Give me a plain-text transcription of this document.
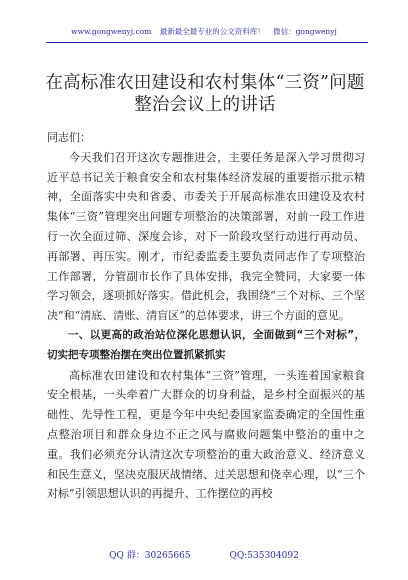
www.gongwenyj.com 最新最全最专业的公文资料库！ 微信：gongwenyj
在高标准农田建设和农村集体“三资”问题整治会议上的讲话

同志们：

今天我们召开这次专题推进会，主要任务是深入学习贯彻习近平总书记关于粮食安全和农村集体经济发展的重要指示批示精神，全面落实中央和省委、市委关于开展高标准农田建设及农村集体“三资”管理突出问题专项整治的决策部署，对前一段工作进行一次全面过筛、深度会诊，对下一阶段攻坚行动进行再动员、再部署、再压实。刚才，市纪委监委主要负责同志作了专项整治工作部署，分管副市长作了具体安排，我完全赞同，大家要一体学习领会，逐项抓好落实。借此机会，我围绕“三个对标、三个坚决”和“清底、清账、清盲区”的总体要求，讲三个方面的意见。

一、以更高的政治站位深化思想认识，全面做到“三个对标”，切实把专项整治摆在突出位置抓紧抓实

高标准农田建设和农村集体“三资”管理，一头连着国家粮食安全根基，一头牵着广大群众的切身利益，是乡村全面振兴的基础性、先导性工程，更是今年中央纪委国家监委确定的全国性重点整治项目和群众身边不正之风与腐败问题集中整治的重中之重。我们必须充分认清这次专项整治的重大政治意义、经济意义和民生意义，坚决克服厌战情绪、过关思想和侥幸心理，以“三个对标”引领思想认识的再提升、工作摆位的再校

QQ 群：30265665	QQ:535304092
